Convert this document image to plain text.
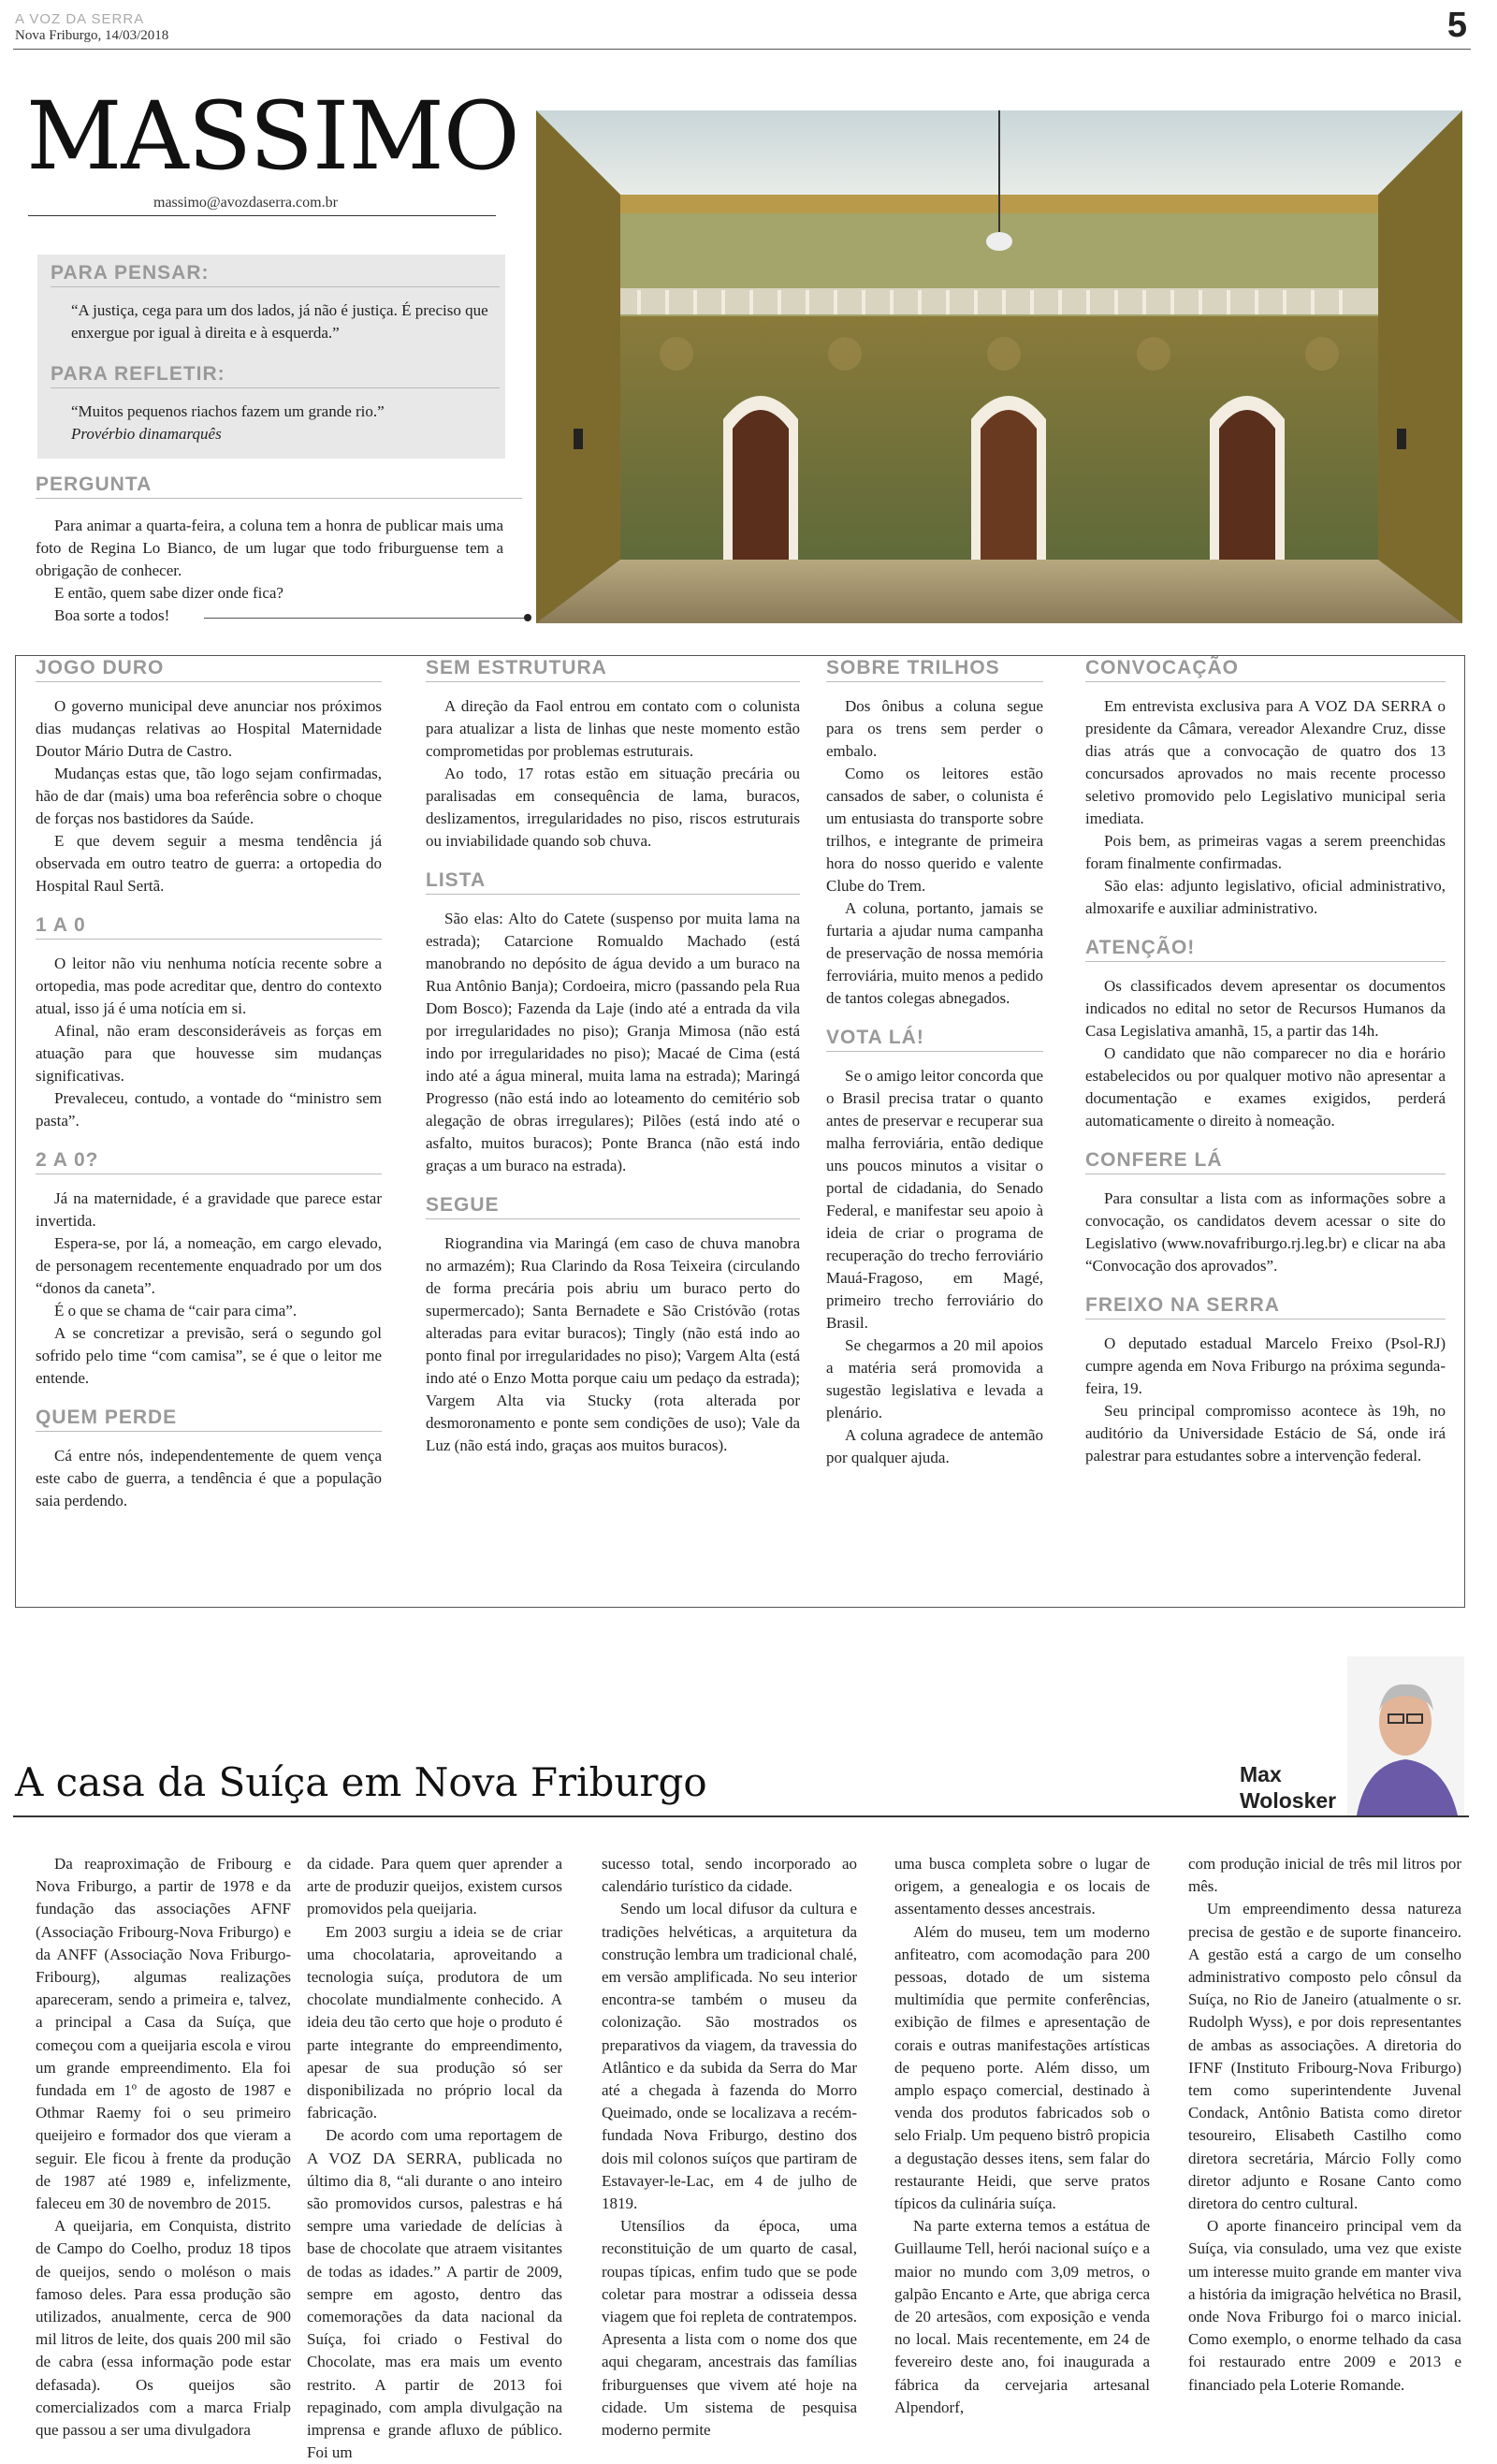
A VOZ DA SERRA
Nova Friburgo, 14/03/2018	5
MASSIMO
massimo@avozdaserra.com.br
PARA PENSAR:
“A justiça, cega para um dos lados, já não é justiça. É preciso que enxergue por igual à direita e à esquerda.”
PARA REFLETIR:
“Muitos pequenos riachos fazem um grande rio.”
Provérbio dinamarquês
PERGUNTA

Para animar a quarta-feira, a coluna tem a honra de publicar mais uma foto de Regina Lo Bianco, de um lugar que todo friburguense tem a obrigação de conhecer.

E então, quem sabe dizer onde fica?

Boa sorte a todos!

JOGO DURO

O governo municipal deve anunciar nos próximos dias mudanças relativas ao Hospital Maternidade Doutor Mário Dutra de Castro.

Mudanças estas que, tão logo sejam confirmadas, hão de dar (mais) uma boa referência sobre o choque de forças nos bastidores da Saúde.

E que devem seguir a mesma tendência já observada em outro teatro de guerra: a ortopedia do Hospital Raul Sertã.

1 A 0

O leitor não viu nenhuma notícia recente sobre a ortopedia, mas pode acreditar que, dentro do contexto atual, isso já é uma notícia em si.

Afinal, não eram desconsideráveis as forças em atuação para que houvesse sim mudanças significativas.

Prevaleceu, contudo, a vontade do “ministro sem pasta”.

2 A 0?

Já na maternidade, é a gravidade que parece estar invertida.

Espera-se, por lá, a nomeação, em cargo elevado, de personagem recentemente enquadrado por um dos “donos da caneta”.

É o que se chama de “cair para cima”.

A se concretizar a previsão, será o segundo gol sofrido pelo time “com camisa”, se é que o leitor me entende.

QUEM PERDE

Cá entre nós, independentemente de quem vença este cabo de guerra, a tendência é que a população saia perdendo.

SEM ESTRUTURA

A direção da Faol entrou em contato com o colunista para atualizar a lista de linhas que neste momento estão comprometidas por problemas estruturais.

Ao todo, 17 rotas estão em situação precária ou paralisadas em consequência de lama, buracos, deslizamentos, irregularidades no piso, riscos estruturais ou inviabilidade quando sob chuva.

LISTA

São elas: Alto do Catete (suspenso por muita lama na estrada); Catarcione Romualdo Machado (está manobrando no depósito de água devido a um buraco na Rua Antônio Banja); Cordoeira, micro (passando pela Rua Dom Bosco); Fazenda da Laje (indo até a entrada da vila por irregularidades no piso); Granja Mimosa (não está indo por irregularidades no piso); Macaé de Cima (está indo até a água mineral, muita lama na estrada); Maringá Progresso (não está indo ao loteamento do cemitério sob alegação de obras irregulares); Pilões (está indo até o asfalto, muitos buracos); Ponte Branca (não está indo graças a um buraco na estrada).

SEGUE

Riograndina via Maringá (em caso de chuva manobra no armazém); Rua Clarindo da Rosa Teixeira (circulando de forma precária pois abriu um buraco perto do supermercado); Santa Bernadete e São Cristóvão (rotas alteradas para evitar buracos); Tingly (não está indo ao ponto final por irregularidades no piso); Vargem Alta (está indo até o Enzo Motta porque caiu um pedaço da estrada); Vargem Alta via Stucky (rota alterada por desmoronamento e ponte sem condições de uso); Vale da Luz (não está indo, graças aos muitos buracos).

SOBRE TRILHOS

Dos ônibus a coluna segue para os trens sem perder o embalo.

Como os leitores estão cansados de saber, o colunista é um entusiasta do transporte sobre trilhos, e integrante de primeira hora do nosso querido e valente Clube do Trem.

A coluna, portanto, jamais se furtaria a ajudar numa campanha de preservação de nossa memória ferroviária, muito menos a pedido de tantos colegas abnegados.

VOTA LÁ!

Se o amigo leitor concorda que o Brasil precisa tratar o quanto antes de preservar e recuperar sua malha ferroviária, então dedique uns poucos minutos a visitar o portal de cidadania, do Senado Federal, e manifestar seu apoio à ideia de criar o programa de recuperação do trecho ferroviário Mauá-Fragoso, em Magé, primeiro trecho ferroviário do Brasil.

Se chegarmos a 20 mil apoios a matéria será promovida a sugestão legislativa e levada a plenário.

A coluna agradece de antemão por qualquer ajuda.

CONVOCAÇÃO

Em entrevista exclusiva para A VOZ DA SERRA o presidente da Câmara, vereador Alexandre Cruz, disse dias atrás que a convocação de quatro dos 13 concursados aprovados no mais recente processo seletivo promovido pelo Legislativo municipal seria imediata.

Pois bem, as primeiras vagas a serem preenchidas foram finalmente confirmadas.

São elas: adjunto legislativo, oficial administrativo, almoxarife e auxiliar administrativo.

ATENÇÃO!

Os classificados devem apresentar os documentos indicados no edital no setor de Recursos Humanos da Casa Legislativa amanhã, 15, a partir das 14h.

O candidato que não comparecer no dia e horário estabelecidos ou por qualquer motivo não apresentar a documentação e exames exigidos, perderá automaticamente o direito à nomeação.

CONFERE LÁ

Para consultar a lista com as informações sobre a convocação, os candidatos devem acessar o site do Legislativo (www.novafriburgo.rj.leg.br) e clicar na aba “Convocação dos aprovados”.

FREIXO NA SERRA

O deputado estadual Marcelo Freixo (Psol-RJ) cumpre agenda em Nova Friburgo na próxima segunda-feira, 19.

Seu principal compromisso acontece às 19h, no auditório da Universidade Estácio de Sá, onde irá palestrar para estudantes sobre a intervenção federal.

A casa da Suíça em Nova Friburgo	Max
Wolosker

Da reaproximação de Fribourg e Nova Friburgo, a partir de 1978 e da fundação das associações AFNF (Associação Fribourg-Nova Friburgo) e da ANFF (Associação Nova Friburgo-Fribourg), algumas realizações apareceram, sendo a primeira e, talvez, a principal a Casa da Suíça, que começou com a queijaria escola e virou um grande empreendimento. Ela foi fundada em 1º de agosto de 1987 e Othmar Raemy foi o seu primeiro queijeiro e formador dos que vieram a seguir. Ele ficou à frente da produção de 1987 até 1989 e, infelizmente, faleceu em 30 de novembro de 2015.

A queijaria, em Conquista, distrito de Campo do Coelho, produz 18 tipos de queijos, sendo o moléson o mais famoso deles. Para essa produção são utilizados, anualmente, cerca de 900 mil litros de leite, dos quais 200 mil são de cabra (essa informação pode estar defasada). Os queijos são comercializados com a marca Frialp que passou a ser uma divulgadora

da cidade. Para quem quer aprender a arte de produzir queijos, existem cursos promovidos pela queijaria.

Em 2003 surgiu a ideia se de criar uma chocolataria, aproveitando a tecnologia suíça, produtora de um chocolate mundialmente conhecido. A ideia deu tão certo que hoje o produto é parte integrante do empreendimento, apesar de sua produção só ser disponibilizada no próprio local da fabricação.

De acordo com uma reportagem de A VOZ DA SERRA, publicada no último dia 8, “ali durante o ano inteiro são promovidos cursos, palestras e há sempre uma variedade de delícias à base de chocolate que atraem visitantes de todas as idades.” A partir de 2009, sempre em agosto, dentro das comemorações da data nacional da Suíça, foi criado o Festival do Chocolate, mas era mais um evento restrito. A partir de 2013 foi repaginado, com ampla divulgação na imprensa e grande afluxo de público. Foi um

sucesso total, sendo incorporado ao calendário turístico da cidade.

Sendo um local difusor da cultura e tradições helvéticas, a arquitetura da construção lembra um tradicional chalé, em versão amplificada. No seu interior encontra-se também o museu da colonização. São mostrados os preparativos da viagem, da travessia do Atlântico e da subida da Serra do Mar até a chegada à fazenda do Morro Queimado, onde se localizava a recém-fundada Nova Friburgo, destino dos dois mil colonos suíços que partiram de Estavayer-le-Lac, em 4 de julho de 1819.

Utensílios da época, uma reconstituição de um quarto de casal, roupas típicas, enfim tudo que se pode coletar para mostrar a odisseia dessa viagem que foi repleta de contratempos. Apresenta a lista com o nome dos que aqui chegaram, ancestrais das famílias friburguenses que vivem até hoje na cidade. Um sistema de pesquisa moderno permite

uma busca completa sobre o lugar de origem, a genealogia e os locais de assentamento desses ancestrais.

Além do museu, tem um moderno anfiteatro, com acomodação para 200 pessoas, dotado de um sistema multimídia que permite conferências, exibição de filmes e apresentação de corais e outras manifestações artísticas de pequeno porte. Além disso, um amplo espaço comercial, destinado à venda dos produtos fabricados sob o selo Frialp. Um pequeno bistrô propicia a degustação desses itens, sem falar do restaurante Heidi, que serve pratos típicos da culinária suíça.

Na parte externa temos a estátua de Guillaume Tell, herói nacional suíço e a maior no mundo com 3,09 metros, o galpão Encanto e Arte, que abriga cerca de 20 artesãos, com exposição e venda no local. Mais recentemente, em 24 de fevereiro deste ano, foi inaugurada a fábrica da cervejaria artesanal Alpendorf,

com produção inicial de três mil litros por mês.

Um empreendimento dessa natureza precisa de gestão e de suporte financeiro. A gestão está a cargo de um conselho administrativo composto pelo cônsul da Suíça, no Rio de Janeiro (atualmente o sr. Rudolph Wyss), e por dois representantes de ambas as associações. A diretoria do IFNF (Instituto Fribourg-Nova Friburgo) tem como superintendente Juvenal Condack, Antônio Batista como diretor tesoureiro, Elisabeth Castilho como diretora secretária, Márcio Folly como diretor adjunto e Rosane Canto como diretora do centro cultural.

O aporte financeiro principal vem da Suíça, via consulado, uma vez que existe um interesse muito grande em manter viva a história da imigração helvética no Brasil, onde Nova Friburgo foi o marco inicial. Como exemplo, o enorme telhado da casa foi restaurado entre 2009 e 2013 e financiado pela Loterie Romande.
